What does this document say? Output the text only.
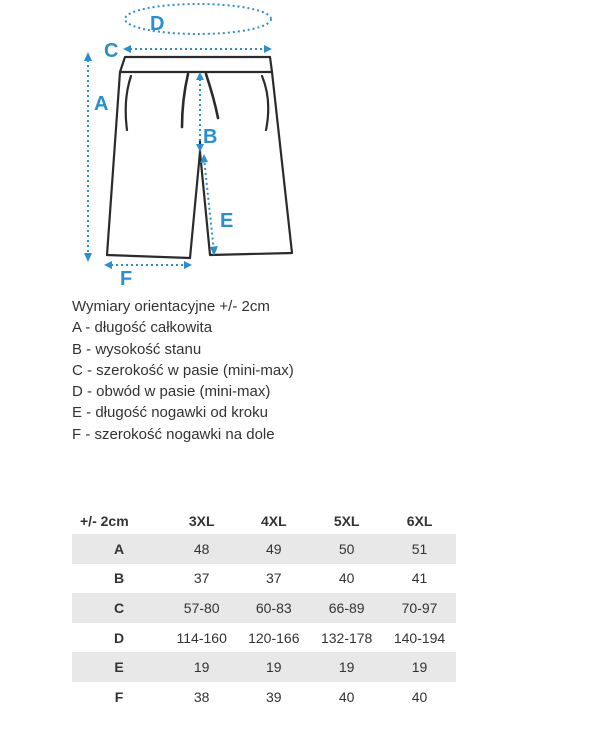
D
C
A
B
E
F
Wymiary orientacyjne +/- 2cm
A - długość całkowita
B - wysokość stanu
C - szerokość w pasie (mini-max)
D - obwód w pasie (mini-max)
E - długość nogawki od kroku
F - szerokość nogawki na dole
+/- 2cm	3XL	4XL	5XL	6XL
A	48	49	50	51
B	37	37	40	41
C	57-80	60-83	66-89	70-97
D	114-160	120-166	132-178	140-194
E	19	19	19	19
F	38	39	40	40
